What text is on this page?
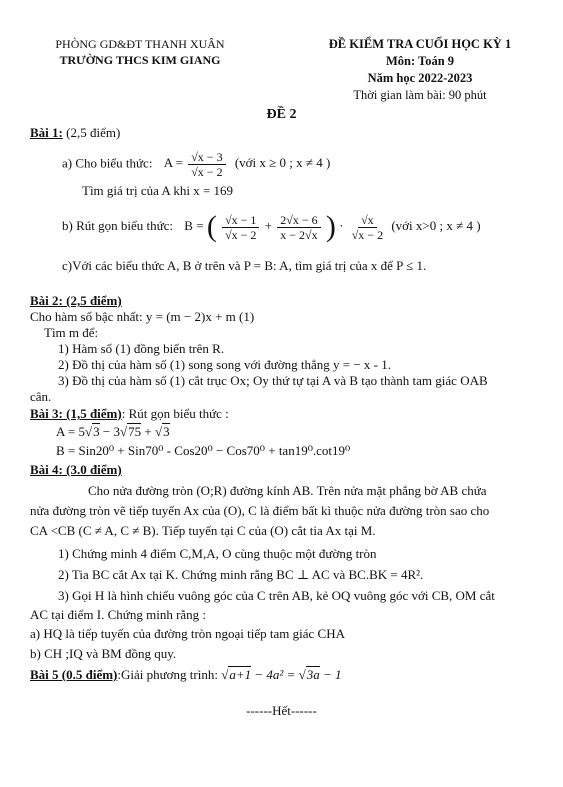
PHÒNG GD&ĐT THANH XUÂN
TRƯỜNG THCS KIM GIANG
ĐỀ KIỂM TRA CUỐI HỌC KỲ 1
Môn: Toán 9
Năm học 2022-2023
Thời gian làm bài: 90 phút
ĐỀ 2
Bài 1: (2,5 điểm)
a) Cho biểu thức: $A = \frac{√x - 3}{√x - 2}$ (với x ≥ 0 ; x ≠ 4 )
Tìm giá trị của A khi x = 169
b) Rút gọn biểu thức: B = ( $\frac{√x - 1}{√x - 2} + \frac{2√x - 6}{x - 2√x}$ ) · $\frac{√x}{√x - 2}$ (với x>0 ; x ≠ 4 )
c)Với các biểu thức A, B ở trên và P = B: A, tìm giá trị của x để P ≤ 1.
Bài 2: (2,5 điểm)
Cho hàm số bậc nhất: y = (m − 2)x + m (1)
Tìm m để:
1) Hàm số (1) đồng biến trên R.
2) Đồ thị của hàm số (1) song song với đường thẳng y = − x - 1.
3) Đồ thị của hàm số (1) cắt trục Ox; Oy thứ tự tại A và B tạo thành tam giác OAB
cân.
Bài 3: (1,5 điểm): Rút gọn biểu thức :
A = 5√3 − 3√75 + √3
B = Sin20⁰ + Sin70⁰ - Cos20⁰ − Cos70⁰ + tan19⁰.cot19⁰
Bài 4: (3.0 điểm)
Cho nửa đường tròn (O;R) đường kính AB. Trên nửa mặt phẳng bờ AB chứa
nửa đường tròn vẽ tiếp tuyến Ax của (O), C là điểm bất kì thuộc nửa đường tròn sao cho
CA <CB (C ≠ A, C ≠ B). Tiếp tuyến tại C của (O) cắt tia Ax tại M.
1) Chứng minh 4 điểm C,M,A, O cùng thuộc một đường tròn
2) Tia BC cắt Ax tại K. Chứng minh rằng BC ⊥ AC và BC.BK = 4R².
3) Gọi H là hình chiếu vuông góc của C trên AB, kẻ OQ vuông góc với CB, OM cắt
AC tại điểm I. Chứng minh rằng :
a) HQ là tiếp tuyến của đường tròn ngoại tiếp tam giác CHA
b) CH ;IQ và BM đồng quy.
Bài 5 (0.5 điểm):Giải phương trình: √a+1 − 4a² = √3a − 1
------Hết------
